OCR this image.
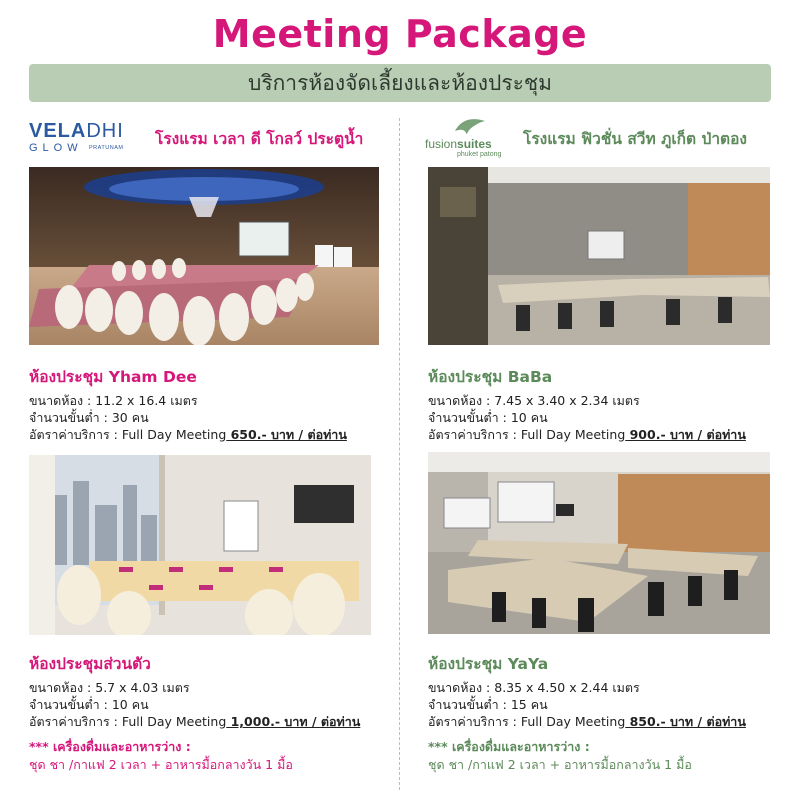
Meeting Package
บริการห้องจัดเลี้ยงและห้องประชุม
VELADHI
GLOW PRATUNAM
โรงแรม เวลา ดี โกลว์ ประตูน้ำ	fusionsuites
phuket patong
โรงแรม ฟิวชั่น สวีท ภูเก็ต ป่าตอง
ห้องประชุม Yham Dee
ขนาดห้อง : 11.2 x 16.4 เมตร
จำนวนขั้นต่ำ : 30 คน
อัตราค่าบริการ : Full Day Meeting 650.- บาท / ต่อท่าน
ห้องประชุม BaBa
ขนาดห้อง : 7.45 x 3.40 x 2.34 เมตร
จำนวนขั้นต่ำ : 10 คน
อัตราค่าบริการ : Full Day Meeting 900.- บาท / ต่อท่าน
ห้องประชุมส่วนตัว
ขนาดห้อง : 5.7 x 4.03 เมตร
จำนวนขั้นต่ำ : 10 คน
อัตราค่าบริการ : Full Day Meeting 1,000.- บาท / ต่อท่าน
ห้องประชุม YaYa
ขนาดห้อง : 8.35 x 4.50 x 2.44 เมตร
จำนวนขั้นต่ำ : 15 คน
อัตราค่าบริการ : Full Day Meeting 850.- บาท / ต่อท่าน
*** เครื่องดื่มและอาหารว่าง :
ชุด ชา /กาแฟ 2 เวลา + อาหารมื้อกลางวัน 1 มื้อ
*** เครื่องดื่มและอาหารว่าง :
ชุด ชา /กาแฟ 2 เวลา + อาหารมื้อกลางวัน 1 มื้อ
